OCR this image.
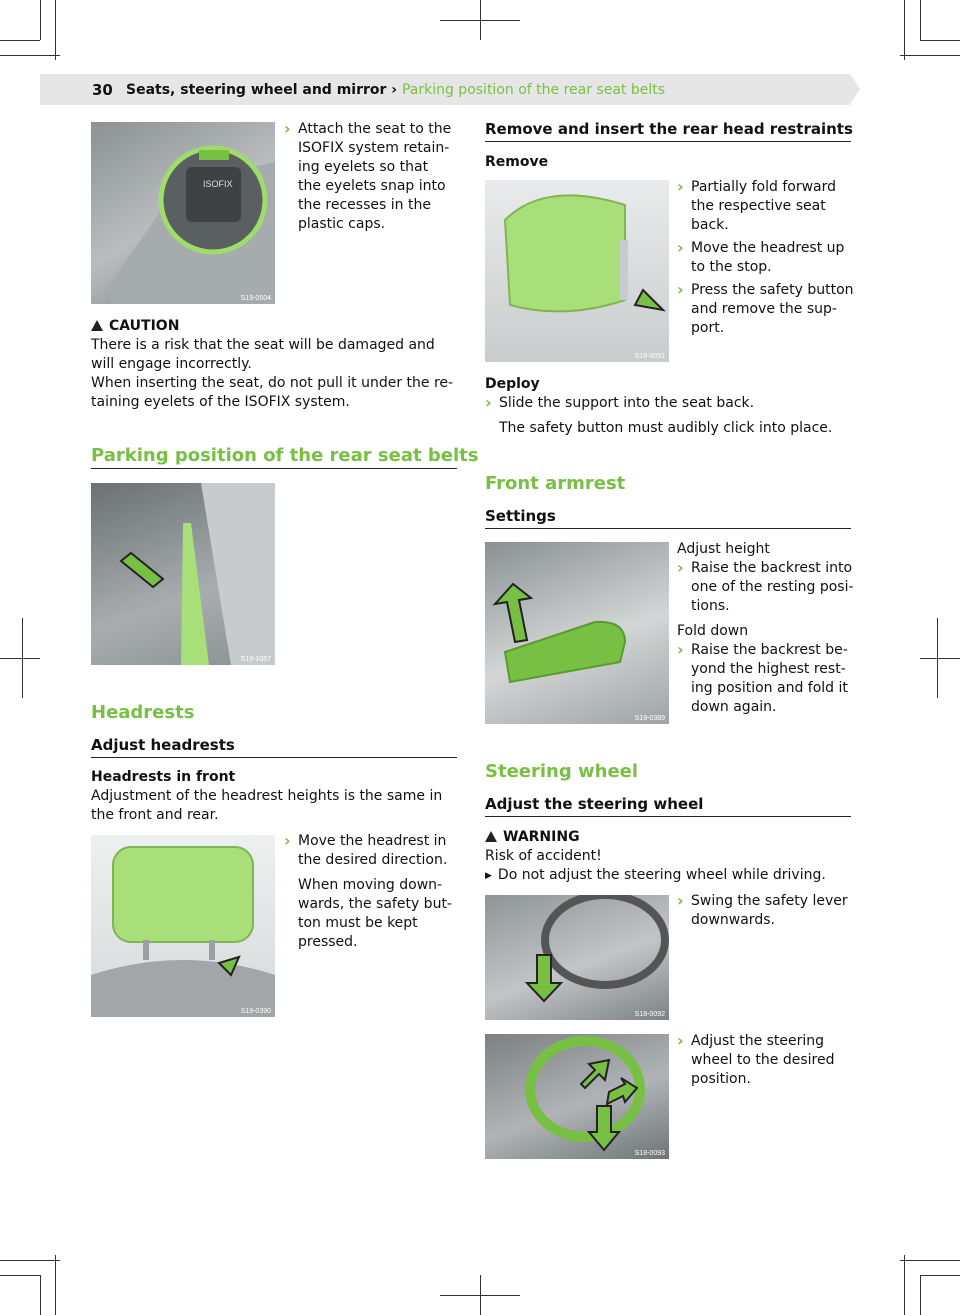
30 Seats, steering wheel and mirror › Parking position of the rear seat belts
ISOFIX
S19-0504
› Attach the seat to the ISOFIX system retain-ing eyelets so that the eyelets snap into the recesses in the plastic caps.
CAUTION
There is a risk that the seat will be damaged and will engage incorrectly.
When inserting the seat, do not pull it under the re-taining eyelets of the ISOFIX system.
Parking position of the rear seat belts
S19-1057
Headrests
Adjust headrests
Headrests in front
Adjustment of the headrest heights is the same in the front and rear.
S19-0390
› Move the headrest in the desired direction.
When moving down-wards, the safety but-ton must be kept pressed.
Remove and insert the rear head restraints
Remove
S18-0091
› Partially fold forward the respective seat back.
› Move the headrest up to the stop.
› Press the safety button and remove the sup-port.
Deploy
› Slide the support into the seat back.
The safety button must audibly click into place.
Front armrest
Settings
S19-0389
Adjust height
› Raise the backrest into one of the resting posi-tions.
Fold down
› Raise the backrest be-yond the highest rest-ing position and fold it down again.
Steering wheel
Adjust the steering wheel
WARNING
Risk of accident!
▶ Do not adjust the steering wheel while driving.
S18-0092
› Swing the safety lever downwards.
S18-0093
› Adjust the steering wheel to the desired position.
